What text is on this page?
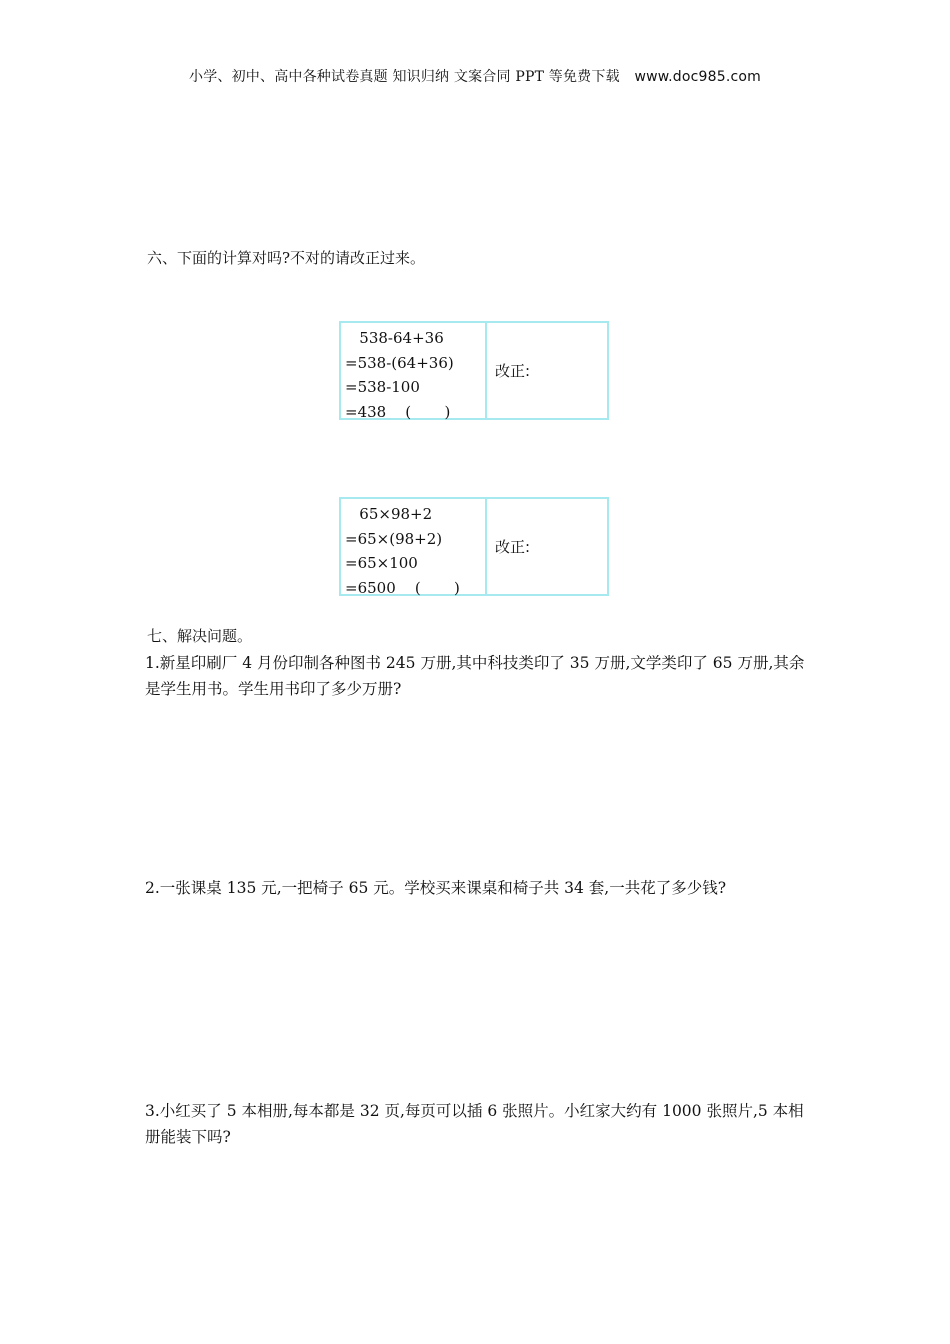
小学、初中、高中各种试卷真题 知识归纳 文案合同 PPT 等免费下载 www.doc985.com
六、下面的计算对吗?不对的请改正过来。
538-64+36
=538-(64+36)
=538-100
=438    (       )
改正:
65×98+2
=65×(98+2)
=65×100
=6500    (       )
改正:
七、解决问题。
1.新星印刷厂 4 月份印制各种图书 245 万册,其中科技类印了 35 万册,文学类印了 65 万册,其余是学生用书。学生用书印了多少万册?
2.一张课桌 135 元,一把椅子 65 元。学校买来课桌和椅子共 34 套,一共花了多少钱?
3.小红买了 5 本相册,每本都是 32 页,每页可以插 6 张照片。小红家大约有 1000 张照片,5 本相册能装下吗?
